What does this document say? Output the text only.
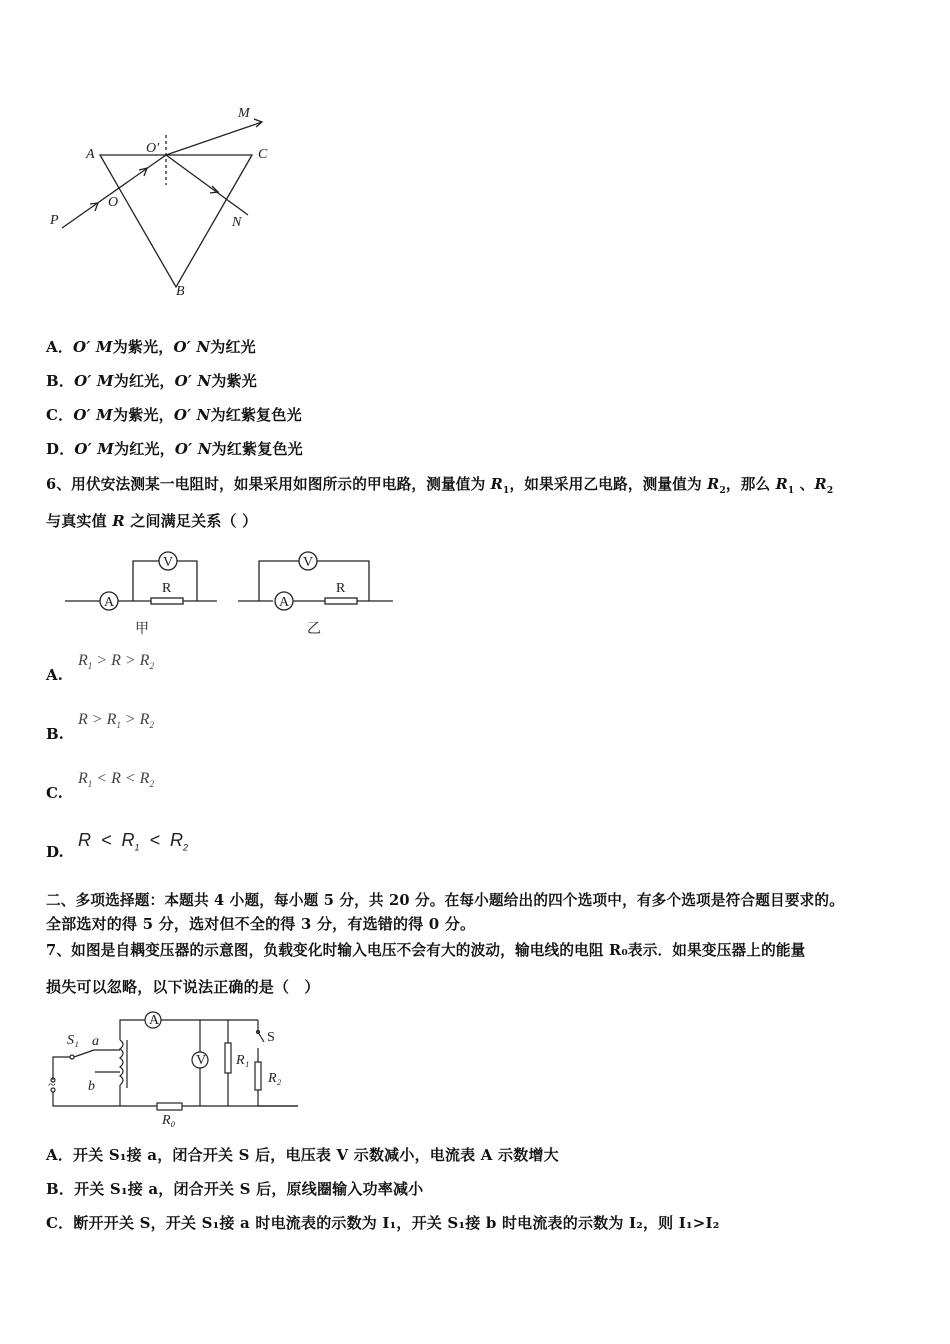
A
B
C
O
O′
M
N
P
A．O′ M为紫光，O′ N为红光
B．O′ M为红光，O′ N为紫光
C．O′ M为紫光，O′ N为红紫复色光
D．O′ M为红光，O′ N为红紫复色光
6、用伏安法测某一电阻时，如果采用如图所示的甲电路，测量值为 $R_1$，如果采用乙电路，测量值为 $R_2$，那么 $R_1$ 、$R_2$
与真实值 R 之间满足关系（ ）
R
V
A
R
V
A
甲	乙
A.
$R_1 > R > R_2$
B.
$R > R_1 > R_2$
C.
$R_1 < R < R_2$
D.
$R < R_1 < R_2$
二、多项选择题：本题共 4 小题，每小题 5 分，共 20 分。在每小题给出的四个选项中，有多个选项是符合题目要求的。
全部选对的得 5 分，选对但不全的得 3 分，有选错的得 0 分。
7、如图是自耦变压器的示意图，负载变化时输入电压不会有大的波动，输电线的电阻 R₀表示．如果变压器上的能量
损失可以忽略，以下说法正确的是（　）
S₁ a
b
S
R₁
R₂
R₀
A
V
~
A．开关 S₁接 a，闭合开关 S 后，电压表 V 示数减小，电流表 A 示数增大
B．开关 S₁接 a，闭合开关 S 后，原线圈输入功率减小
C．断开开关 S，开关 S₁接 a 时电流表的示数为 I₁，开关 S₁接 b 时电流表的示数为 I₂，则 I₁>I₂
